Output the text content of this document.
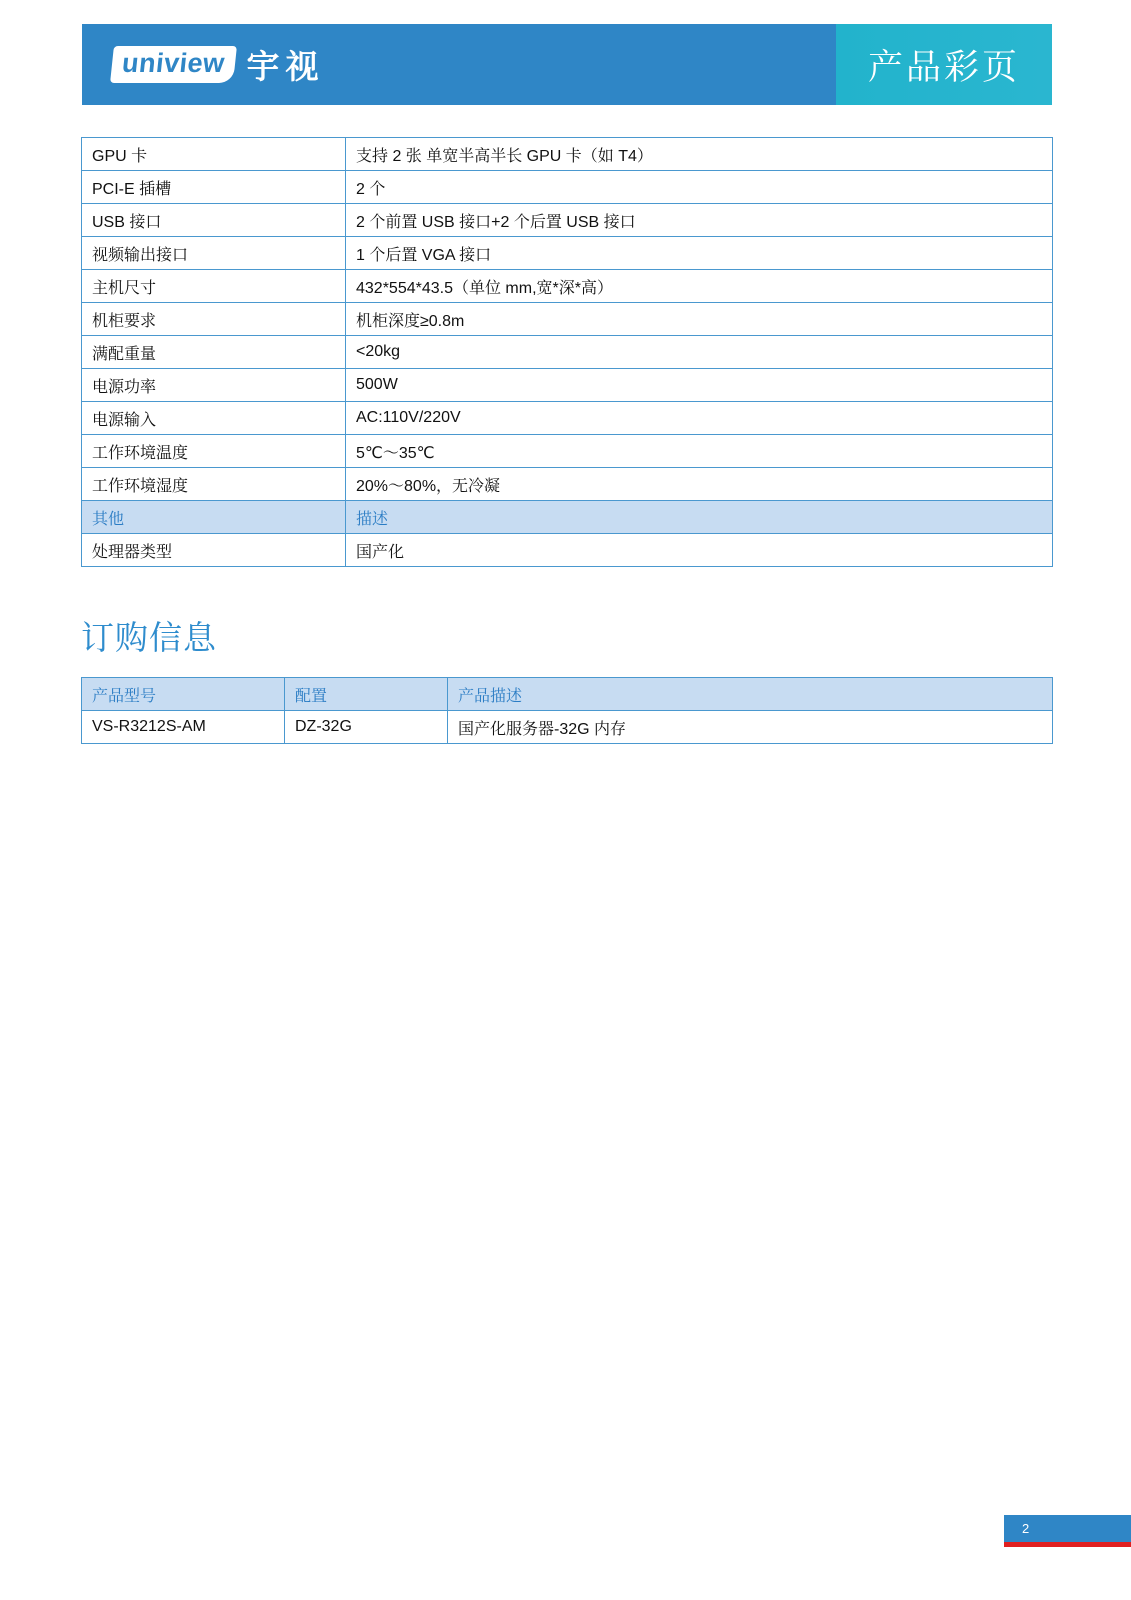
uniview 宇视	产品彩页
GPU 卡	支持 2 张 单宽半高半长 GPU 卡（如 T4）
PCI-E 插槽	2 个
USB 接口	2 个前置 USB 接口+2 个后置 USB 接口
视频输出接口	1 个后置 VGA 接口
主机尺寸	432*554*43.5（单位 mm,宽*深*高）
机柜要求	机柜深度≥0.8m
满配重量	<20kg
电源功率	500W
电源输入	AC:110V/220V
工作环境温度	5℃～35℃
工作环境湿度	20%～80%，无冷凝
其他	描述
处理器类型	国产化
订购信息
产品型号	配置	产品描述
VS-R3212S-AM	DZ-32G	国产化服务器-32G 内存
2
